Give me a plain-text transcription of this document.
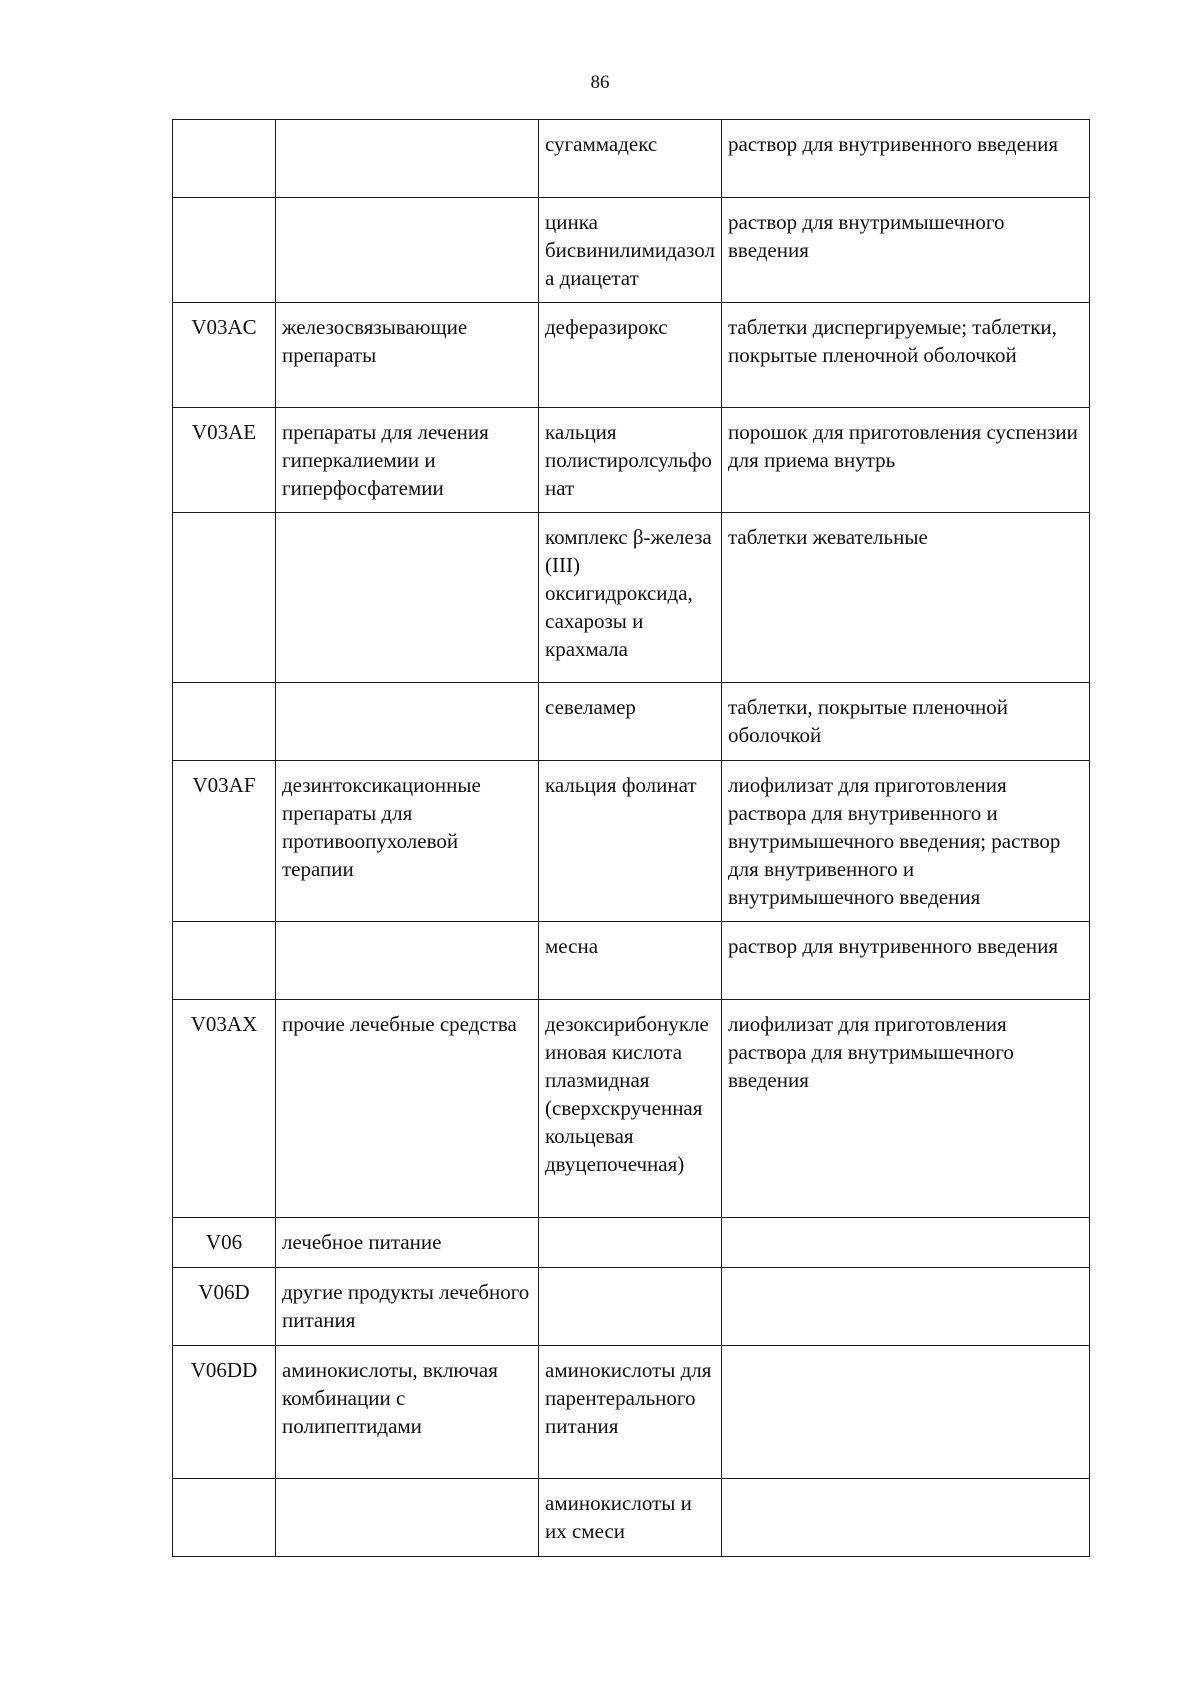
86
		сугаммадекс	раствор для внутривенного введения
		цинка бисвинилимидазола диацетат	раствор для внутримышечного введения
V03AC	железосвязывающие препараты	деферазирокс	таблетки диспергируемые; таблетки, покрытые пленочной оболочкой
V03AE	препараты для лечения гиперкалиемии и гиперфосфатемии	кальция полистиролсульфонат	порошок для приготовления суспензии для приема внутрь
		комплекс β-железа (III) оксигидроксида, сахарозы и крахмала	таблетки жевательные
		севеламер	таблетки, покрытые пленочной оболочкой
V03AF	дезинтоксикационные препараты для противоопухолевой терапии	кальция фолинат	лиофилизат для приготовления раствора для внутривенного и внутримышечного введения; раствор для внутривенного и внутримышечного введения
		месна	раствор для внутривенного введения
V03AX	прочие лечебные средства	дезоксирибонуклеиновая кислота плазмидная (сверхскрученная кольцевая двуцепочечная)	лиофилизат для приготовления раствора для внутримышечного введения
V06	лечебное питание		
V06D	другие продукты лечебного питания		
V06DD	аминокислоты, включая комбинации с полипептидами	аминокислоты для парентерального питания	
		аминокислоты и их смеси	
